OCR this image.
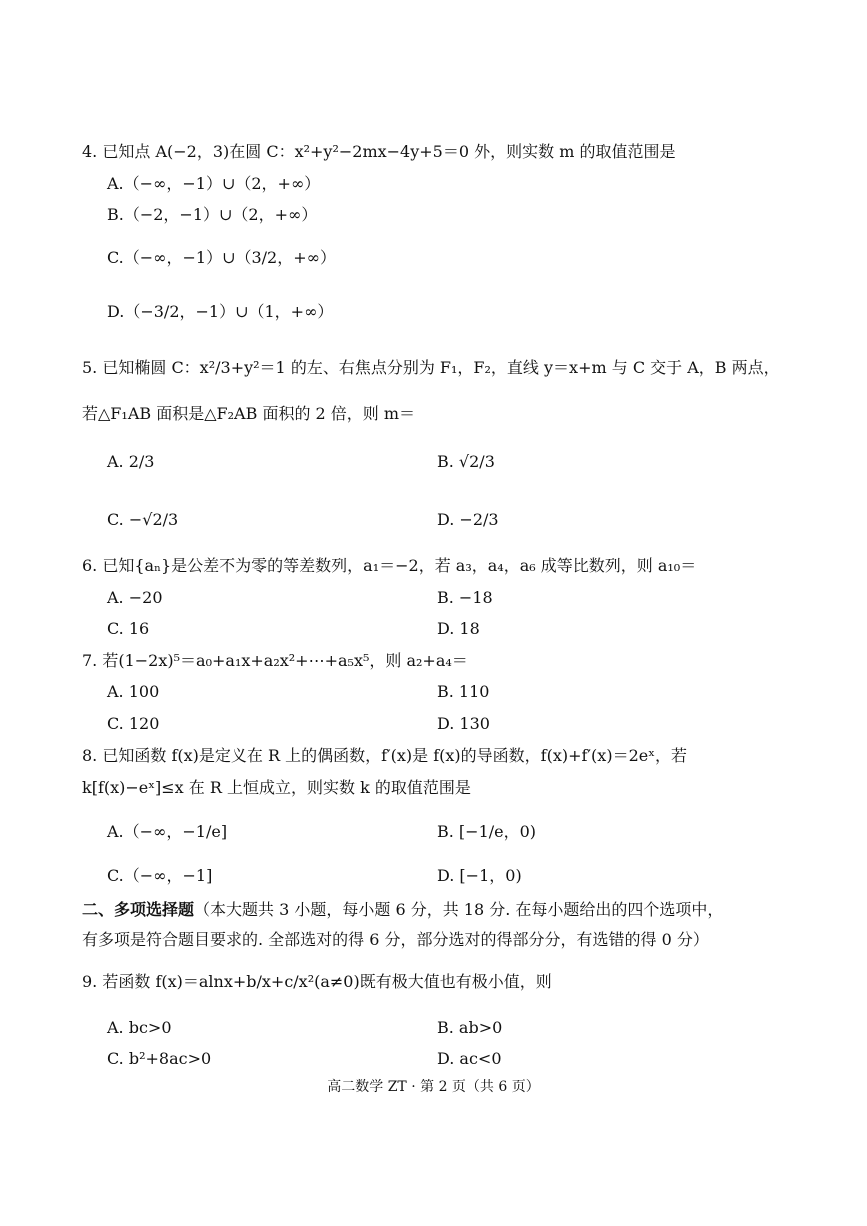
4. 已知点 A(−2，3)在圆 C：x²+y²−2mx−4y+5＝0 外，则实数 m 的取值范围是
A.（−∞，−1）∪（2，+∞）
B.（−2，−1）∪（2，+∞）
C.（−∞，−1）∪（3/2，+∞）
D.（−3/2，−1）∪（1，+∞）
5. 已知椭圆 C：x²/3+y²＝1 的左、右焦点分别为 F₁，F₂，直线 y＝x+m 与 C 交于 A，B 两点，
若△F₁AB 面积是△F₂AB 面积的 2 倍，则 m＝
A. 2/3	B. √2/3
C. −√2/3	D. −2/3
6. 已知{aₙ}是公差不为零的等差数列，a₁＝−2，若 a₃，a₄，a₆ 成等比数列，则 a₁₀＝
A. −20	B. −18
C. 16	D. 18
7. 若(1−2x)⁵＝a₀+a₁x+a₂x²+⋯+a₅x⁵，则 a₂+a₄＝
A. 100	B. 110
C. 120	D. 130
8. 已知函数 f(x)是定义在 R 上的偶函数，f′(x)是 f(x)的导函数，f(x)+f′(x)＝2eˣ，若
k[f(x)−eˣ]≤x 在 R 上恒成立，则实数 k 的取值范围是
A.（−∞，−1/e]	B. [−1/e，0)
C.（−∞，−1]	D. [−1，0)
二、多项选择题（本大题共 3 小题，每小题 6 分，共 18 分. 在每小题给出的四个选项中，
有多项是符合题目要求的. 全部选对的得 6 分，部分选对的得部分分，有选错的得 0 分）
9. 若函数 f(x)＝alnx+b/x+c/x²(a≠0)既有极大值也有极小值，则
A. bc>0	B. ab>0
C. b²+8ac>0	D. ac<0
高二数学 ZT · 第 2 页（共 6 页）
